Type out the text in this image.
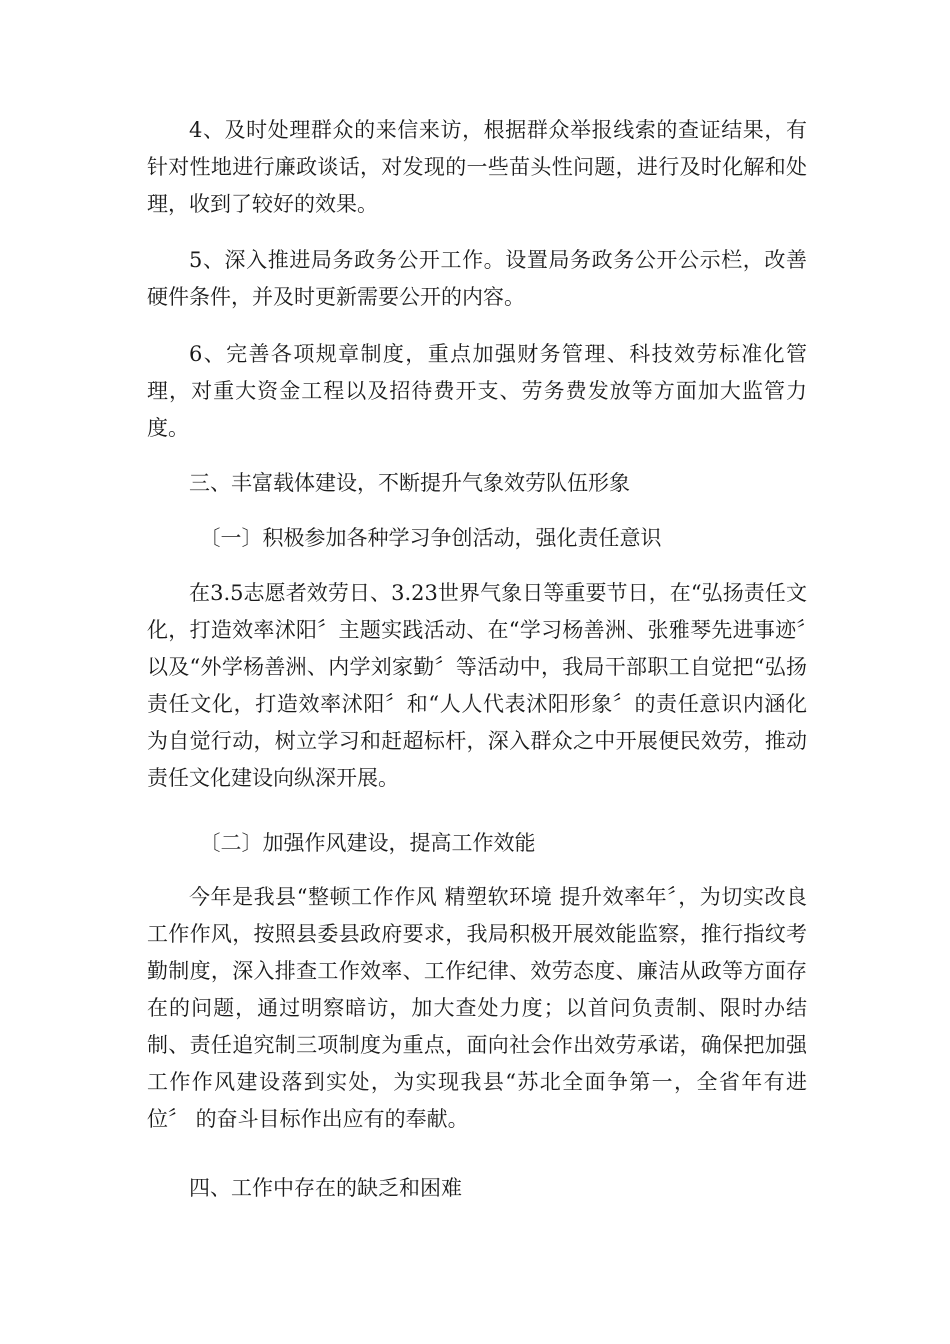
4、及时处理群众的来信来访，根据群众举报线索的查证结果，有针对性地进行廉政谈话，对发现的一些苗头性问题，进行及时化解和处理，收到了较好的效果。

5、深入推进局务政务公开工作。设置局务政务公开公示栏，改善硬件条件，并及时更新需要公开的内容。

6、完善各项规章制度，重点加强财务管理、科技效劳标准化管理，对重大资金工程以及招待费开支、劳务费发放等方面加大监管力度。

三、丰富载体建设，不断提升气象效劳队伍形象

〔一〕积极参加各种学习争创活动，强化责任意识

在3.5志愿者效劳日、3.23世界气象日等重要节日，在“弘扬责任文化，打造效率沭阳〞主题实践活动、在“学习杨善洲、张雅琴先进事迹〞以及“外学杨善洲、内学刘家勤〞等活动中，我局干部职工自觉把“弘扬责任文化，打造效率沭阳〞和“人人代表沭阳形象〞的责任意识内涵化为自觉行动，树立学习和赶超标杆，深入群众之中开展便民效劳，推动责任文化建设向纵深开展。

〔二〕加强作风建设，提高工作效能

今年是我县“整顿工作作风 精塑软环境 提升效率年〞，为切实改良工作作风，按照县委县政府要求，我局积极开展效能监察，推行指纹考勤制度，深入排查工作效率、工作纪律、效劳态度、廉洁从政等方面存在的问题，通过明察暗访，加大查处力度；以首问负责制、限时办结制、责任追究制三项制度为重点，面向社会作出效劳承诺，确保把加强工作作风建设落到实处，为实现我县“苏北全面争第一，全省年有进位〞 的奋斗目标作出应有的奉献。

四、工作中存在的缺乏和困难
